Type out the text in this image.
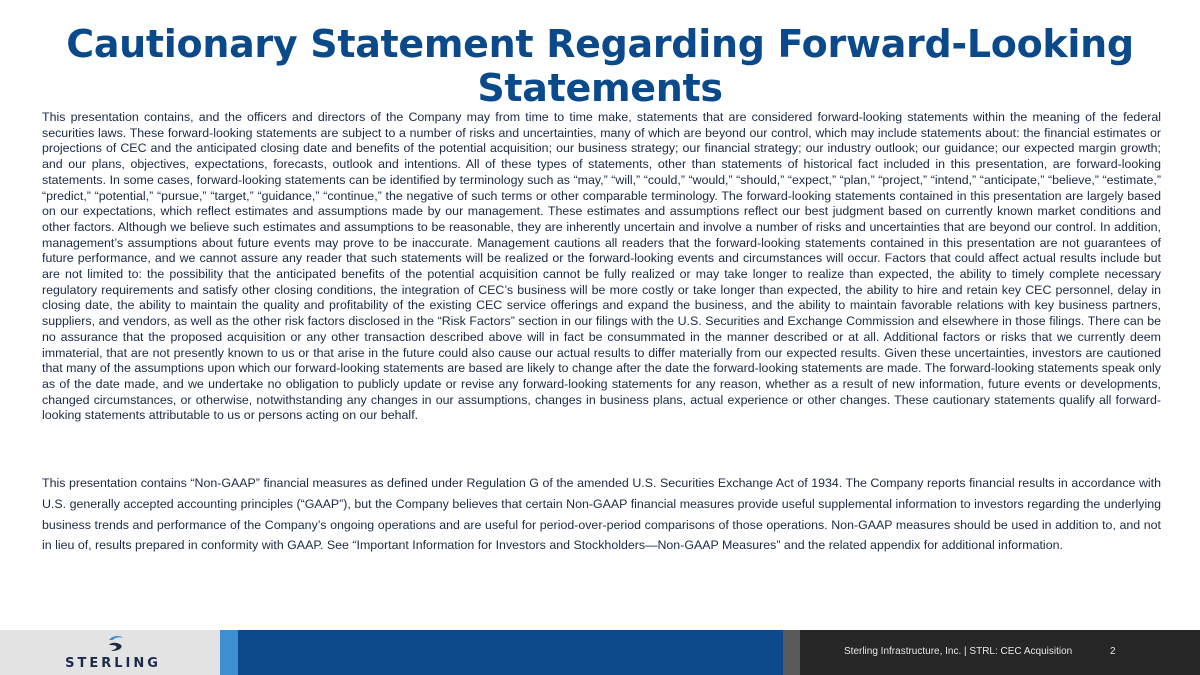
Cautionary Statement Regarding Forward-Looking Statements

This presentation contains, and the officers and directors of the Company may from time to time make, statements that are considered forward-looking statements within the meaning of the federal securities laws. These forward-looking statements are subject to a number of risks and uncertainties, many of which are beyond our control, which may include statements about: the financial estimates or projections of CEC and the anticipated closing date and benefits of the potential acquisition; our business strategy; our financial strategy; our industry outlook; our guidance; our expected margin growth; and our plans, objectives, expectations, forecasts, outlook and intentions. All of these types of statements, other than statements of historical fact included in this presentation, are forward-looking statements. In some cases, forward-looking statements can be identified by terminology such as “may,” “will,” “could,” “would,” “should,” “expect,” “plan,” “project,” “intend,” “anticipate,” “believe,” “estimate,” “predict,” “potential,” “pursue,” “target,” “guidance,” “continue,” the negative of such terms or other comparable terminology. The forward-looking statements contained in this presentation are largely based on our expectations, which reflect estimates and assumptions made by our management. These estimates and assumptions reflect our best judgment based on currently known market conditions and other factors. Although we believe such estimates and assumptions to be reasonable, they are inherently uncertain and involve a number of risks and uncertainties that are beyond our control. In addition, management’s assumptions about future events may prove to be inaccurate. Management cautions all readers that the forward-looking statements contained in this presentation are not guarantees of future performance, and we cannot assure any reader that such statements will be realized or the forward-looking events and circumstances will occur. Factors that could affect actual results include but are not limited to: the possibility that the anticipated benefits of the potential acquisition cannot be fully realized or may take longer to realize than expected, the ability to timely complete necessary regulatory requirements and satisfy other closing conditions, the integration of CEC’s business will be more costly or take longer than expected, the ability to hire and retain key CEC personnel, delay in closing date, the ability to maintain the quality and profitability of the existing CEC service offerings and expand the business, and the ability to maintain favorable relations with key business partners, suppliers, and vendors, as well as the other risk factors disclosed in the “Risk Factors” section in our filings with the U.S. Securities and Exchange Commission and elsewhere in those filings. There can be no assurance that the proposed acquisition or any other transaction described above will in fact be consummated in the manner described or at all. Additional factors or risks that we currently deem immaterial, that are not presently known to us or that arise in the future could also cause our actual results to differ materially from our expected results. Given these uncertainties, investors are cautioned that many of the assumptions upon which our forward-looking statements are based are likely to change after the date the forward-looking statements are made. The forward-looking statements speak only as of the date made, and we undertake no obligation to publicly update or revise any forward-looking statements for any reason, whether as a result of new information, future events or developments, changed circumstances, or otherwise, notwithstanding any changes in our assumptions, changes in business plans, actual experience or other changes. These cautionary statements qualify all forward-looking statements attributable to us or persons acting on our behalf.

This presentation contains “Non-GAAP” financial measures as defined under Regulation G of the amended U.S. Securities Exchange Act of 1934. The Company reports financial results in accordance with U.S. generally accepted accounting principles (“GAAP”), but the Company believes that certain Non-GAAP financial measures provide useful supplemental information to investors regarding the underlying business trends and performance of the Company’s ongoing operations and are useful for period-over-period comparisons of those operations. Non-GAAP measures should be used in addition to, and not in lieu of, results prepared in conformity with GAAP. See “Important Information for Investors and Stockholders—Non-GAAP Measures” and the related appendix for additional information.

STERLING
Sterling Infrastructure, Inc. | STRL: CEC Acquisition	2
